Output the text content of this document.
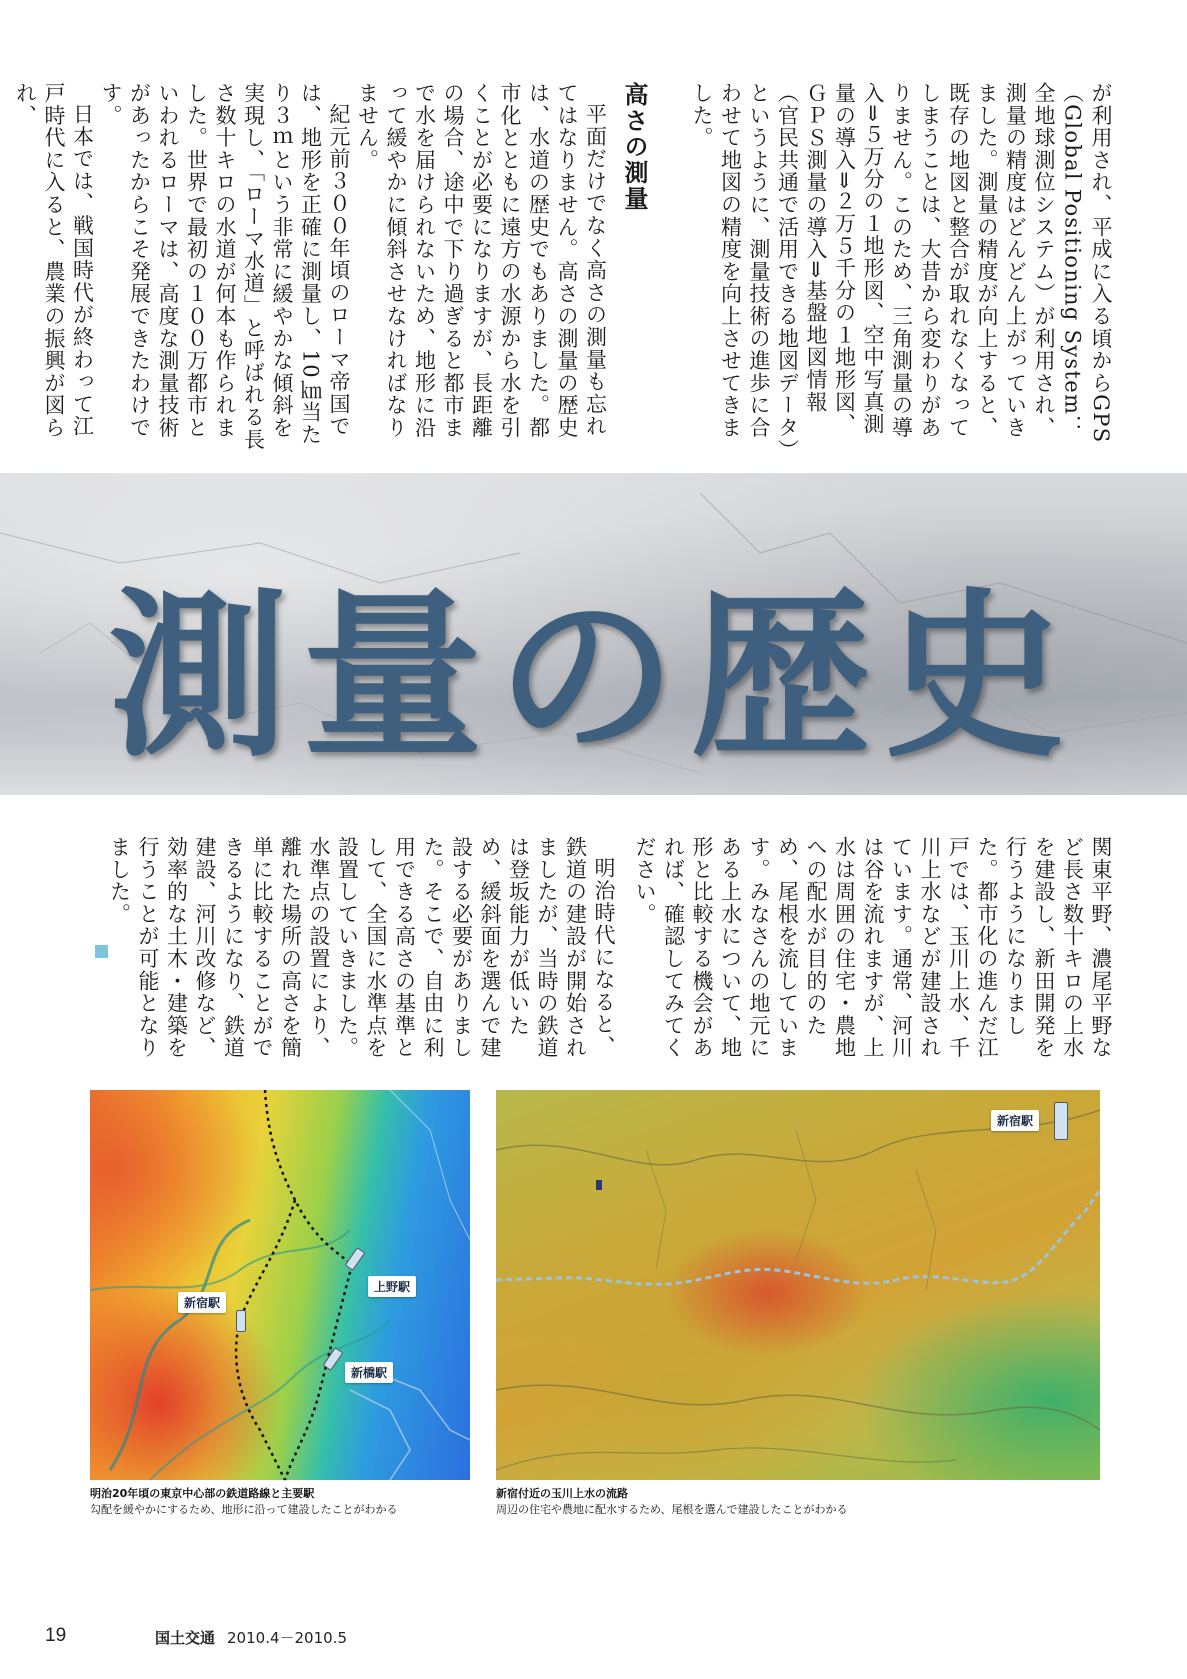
が利用され、平成に入る頃からGPS（Global Positioning System：全地球測位システム）が利用され、測量の精度はどんどん上がっていきました。測量の精度が向上すると、既存の地図と整合が取れなくなってしまうことは、大昔から変わりがありません。このため、三角測量の導入⇒５万分の１地形図、空中写真測量の導入⇒２万５千分の１地形図、ＧＰＳ測量の導入⇒基盤地図情報（官民共通で活用できる地図データ）というように、測量技術の進歩に合わせて地図の精度を向上させてきました。

高さの測量

平面だけでなく高さの測量も忘れてはなりません。高さの測量の歴史は、水道の歴史でもありました。都市化とともに遠方の水源から水を引くことが必要になりますが、長距離の場合、途中で下り過ぎると都市まで水を届けられないため、地形に沿って緩やかに傾斜させなければなりません。

紀元前３００年頃のローマ帝国では、地形を正確に測量し、10㎞当たり３ｍという非常に緩やかな傾斜を実現し、「ローマ水道」と呼ばれる長さ数十キロの水道が何本も作られました。世界で最初の１００万都市といわれるローマは、高度な測量技術があったからこそ発展できたわけです。

日本では、戦国時代が終わって江戸時代に入ると、農業の振興が図られ、

測量の歴史

関東平野、濃尾平野など長さ数十キロの上水を建設し、新田開発を行うようになりました。都市化の進んだ江戸では、玉川上水、千川上水などが建設されています。通常、河川は谷を流れますが、上水は周囲の住宅・農地への配水が目的のため、尾根を流しています。みなさんの地元にある上水について、地形と比較する機会があれば、確認してみてください。

明治時代になると、鉄道の建設が開始されましたが、当時の鉄道は登坂能力が低いため、緩斜面を選んで建設する必要がありました。そこで、自由に利用できる高さの基準として、全国に水準点を設置していきました。水準点の設置により、離れた場所の高さを簡単に比較することができるようになり、鉄道建設、河川改修など、効率的な土木・建築を行うことが可能となりました。

上野駅
新宿駅
新橋駅
明治20年頃の東京中心部の鉄道路線と主要駅
勾配を緩やかにするため、地形に沿って建設したことがわかる
新宿駅
新宿付近の玉川上水の流路
周辺の住宅や農地に配水するため、尾根を選んで建設したことがわかる
19	国土交通 2010.4－2010.5
